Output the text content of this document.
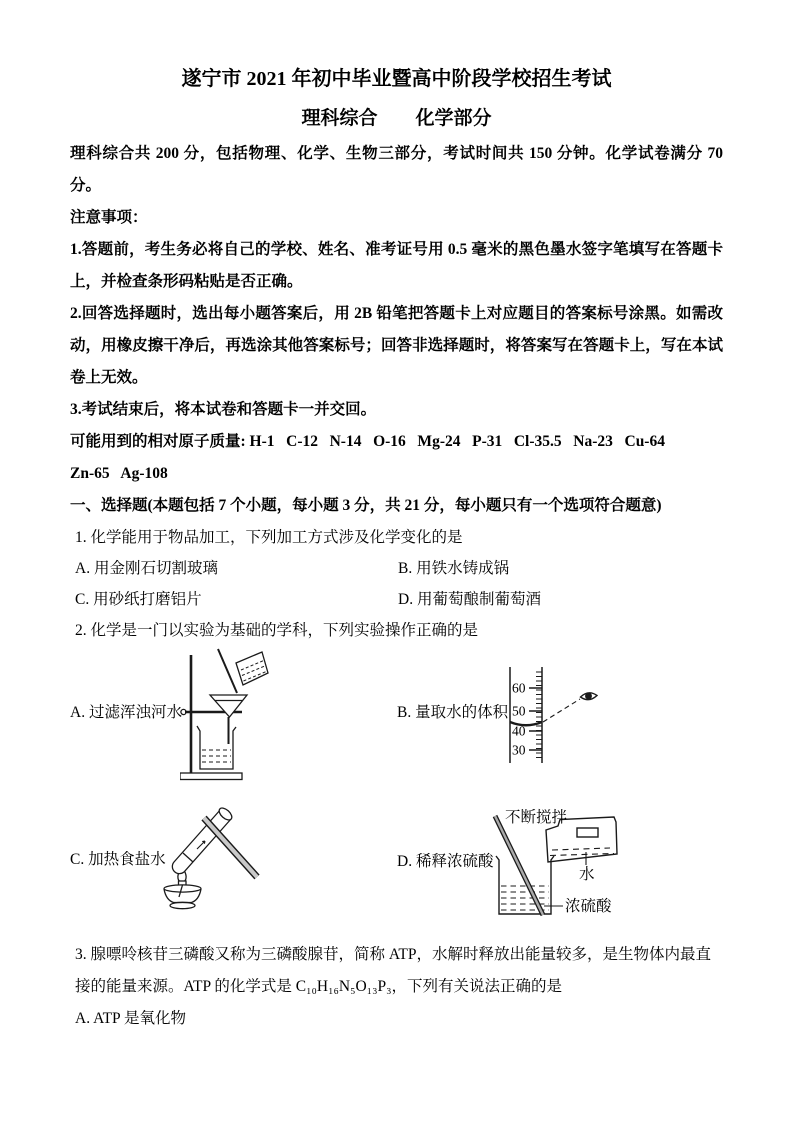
遂宁市 2021 年初中毕业暨高中阶段学校招生考试
理科综合　　化学部分

理科综合共 200 分，包括物理、化学、生物三部分，考试时间共 150 分钟。化学试卷满分 70 分。

注意事项：

1.答题前，考生务必将自己的学校、姓名、准考证号用 0.5 毫米的黑色墨水签字笔填写在答题卡上，并检查条形码粘贴是否正确。

2.回答选择题时，选出每小题答案后，用 2B 铅笔把答题卡上对应题目的答案标号涂黑。如需改动，用橡皮擦干净后，再选涂其他答案标号；回答非选择题时，将答案写在答题卡上，写在本试卷上无效。

3.考试结束后，将本试卷和答题卡一并交回。

可能用到的相对原子质量: H-1   C-12   N-14   O-16   Mg-24   P-31   Cl-35.5   Na-23   Cu-64

Zn-65   Ag-108

一、选择题(本题包括 7 个小题，每小题 3 分，共 21 分，每小题只有一个选项符合题意)

1. 化学能用于物品加工，下列加工方式涉及化学变化的是

A. 用金刚石切割玻璃	B. 用铁水铸成锅
C. 用砂纸打磨铝片	D. 用葡萄酿制葡萄酒

2. 化学是一门以实验为基础的学科，下列实验操作正确的是

A. 过滤浑浊河水	B. 量取水的体积
60
50
40
30
C. 加热食盐水	D. 稀释浓硫酸
不断搅拌
水
浓硫酸

3. 腺嘌呤核苷三磷酸又称为三磷酸腺苷，简称 ATP，水解时释放出能量较多，是生物体内最直接的能量来源。ATP 的化学式是 C₁₀H₁₆N₅O₁₃P₃，下列有关说法正确的是

A. ATP 是氧化物
